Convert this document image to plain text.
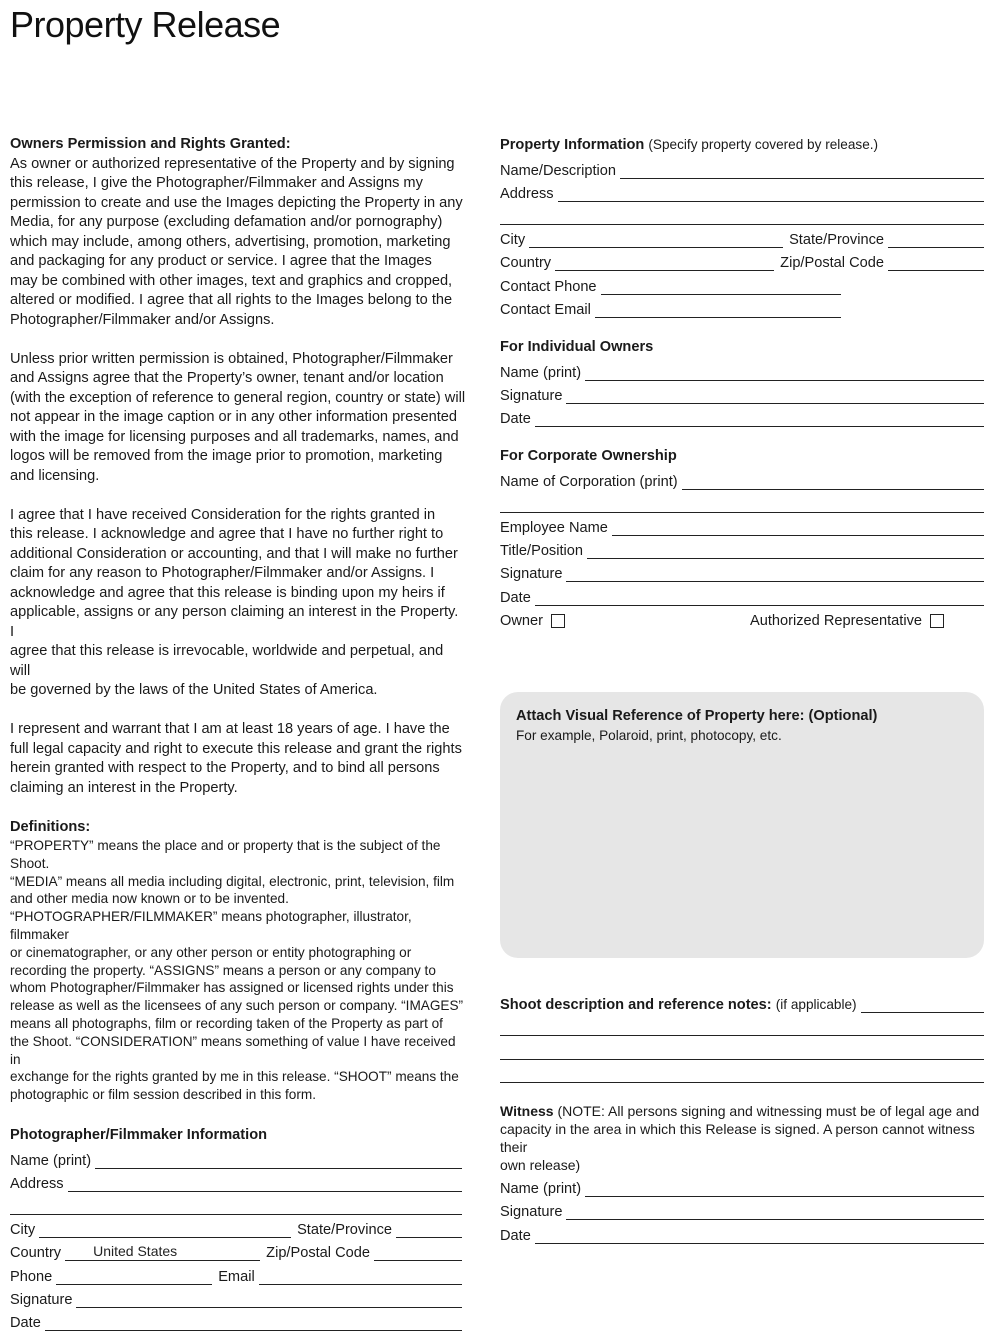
Property Release

Owners Permission and Rights Granted:

As owner or authorized representative of the Property and by signing

this release, I give the Photographer/Filmmaker and Assigns my

permission to create and use the Images depicting the Property in any

Media, for any purpose (excluding defamation and/or pornography)

which may include, among others, advertising, promotion, marketing

and packaging for any product or service. I agree that the Images

may be combined with other images, text and graphics and cropped,

altered or modified. I agree that all rights to the Images belong to the

Photographer/Filmmaker and/or Assigns.

Unless prior written permission is obtained, Photographer/Filmmaker

and Assigns agree that the Property’s owner, tenant and/or location

(with the exception of reference to general region, country or state) will

not appear in the image caption or in any other information presented

with the image for licensing purposes and all trademarks, names, and

logos will be removed from the image prior to promotion, marketing

and licensing.

I agree that I have received Consideration for the rights granted in

this release. I acknowledge and agree that I have no further right to

additional Consideration or accounting, and that I will make no further

claim for any reason to Photographer/Filmmaker and/or Assigns. I

acknowledge and agree that this release is binding upon my heirs if

applicable, assigns or any person claiming an interest in the Property. I

agree that this release is irrevocable, worldwide and perpetual, and will

be governed by the laws of the United States of America.

I represent and warrant that I am at least 18 years of age. I have the

full legal capacity and right to execute this release and grant the rights

herein granted with respect to the Property, and to bind all persons

claiming an interest in the Property.

Definitions:

“PROPERTY” means the place and or property that is the subject of the Shoot.

“MEDIA” means all media including digital, electronic, print, television, film

and other media now known or to be invented.

“PHOTOGRAPHER/FILMMAKER” means photographer, illustrator, filmmaker

or cinematographer, or any other person or entity photographing or

recording the property. “ASSIGNS” means a person or any company to

whom Photographer/Filmmaker has assigned or licensed rights under this

release as well as the licensees of any such person or company. “IMAGES”

means all photographs, film or recording taken of the Property as part of

the Shoot. “CONSIDERATION” means something of value I have received in

exchange for the rights granted by me in this release. “SHOOT” means the

photographic or film session described in this form.

Photographer/Filmmaker Information

Name (print)
Address
City	State/Province
Country United States	Zip/Postal Code
Phone	Email
Signature
Date

Property Information (Specify property covered by release.)

Name/Description
Address
City	State/Province
Country	Zip/Postal Code
Contact Phone
Contact Email

For Individual Owners

Name (print)
Signature
Date

For Corporate Ownership

Name of Corporation (print)
Employee Name
Title/Position
Signature
Date
Owner	Authorized Representative
Attach Visual Reference of Property here: (Optional)
For example, Polaroid, print, photocopy, etc.
Shoot description and reference notes: (if applicable)

Witness (NOTE: All persons signing and witnessing must be of legal age and

capacity in the area in which this Release is signed. A person cannot witness their

own release)

Name (print)
Signature
Date
